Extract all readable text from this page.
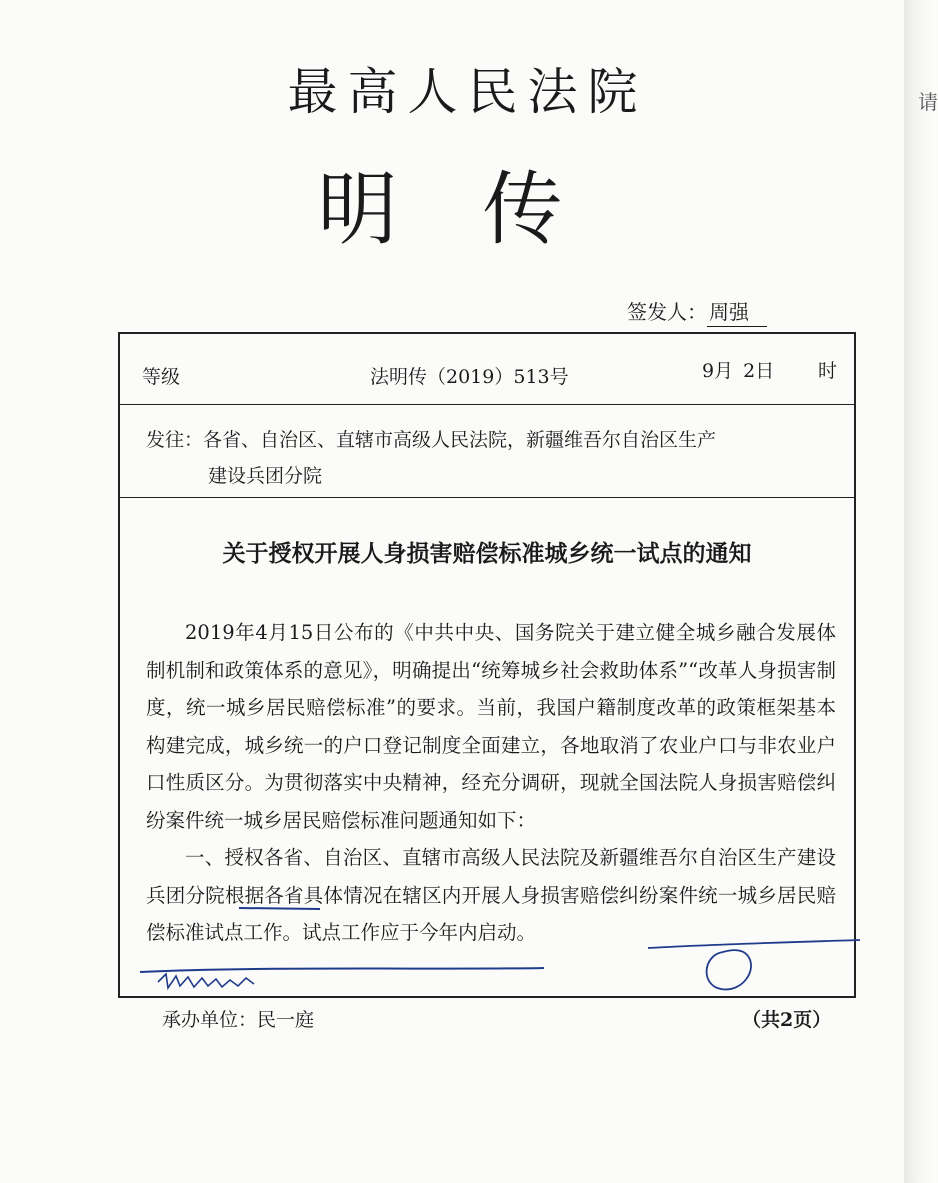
请
最高人民法院
明传
签发人： 周强
等级	法明传（2019）513号	9月 2日 时
发往：各省、自治区、直辖市高级人民法院，新疆维吾尔自治区生产
建设兵团分院
关于授权开展人身损害赔偿标准城乡统一试点的通知

2019年4月15日公布的《中共中央、国务院关于建立健全城乡融合发展体制机制和政策体系的意见》，明确提出“统筹城乡社会救助体系”“改革人身损害制度，统一城乡居民赔偿标准”的要求。当前，我国户籍制度改革的政策框架基本构建完成，城乡统一的户口登记制度全面建立，各地取消了农业户口与非农业户口性质区分。为贯彻落实中央精神，经充分调研，现就全国法院人身损害赔偿纠纷案件统一城乡居民赔偿标准问题通知如下：

一、授权各省、自治区、直辖市高级人民法院及新疆维吾尔自治区生产建设兵团分院根据各省具体情况在辖区内开展人身损害赔偿纠纷案件统一城乡居民赔偿标准试点工作。试点工作应于今年内启动。

承办单位：民一庭	（共2页）
